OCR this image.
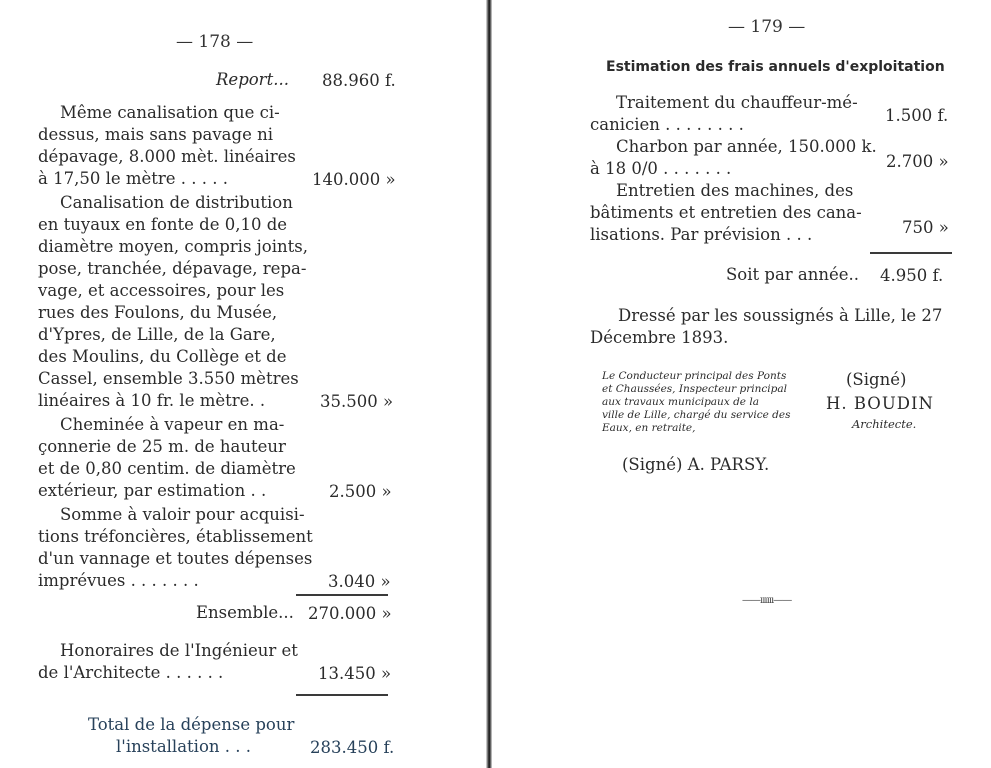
— 178 —
Report... 88.960 f.
Même canalisation que ci-
dessus, mais sans pavage ni
dépavage, 8.000 mèt. linéaires
à 17,50 le mètre . . . . .	140.000 »
Canalisation de distribution
en tuyaux en fonte de 0,10 de
diamètre moyen, compris joints,
pose, tranchée, dépavage, repa-
vage, et accessoires, pour les
rues des Foulons, du Musée,
d'Ypres, de Lille, de la Gare,
des Moulins, du Collège et de
Cassel, ensemble 3.550 mètres
linéaires à 10 fr. le mètre. .	35.500 »
Cheminée à vapeur en ma-
çonnerie de 25 m. de hauteur
et de 0,80 centim. de diamètre
extérieur, par estimation . .	2.500 »
Somme à valoir pour acquisi-
tions tréfoncières, établissement
d'un vannage et toutes dépenses
imprévues . . . . . . .	3.040 »
Ensemble... 270.000 »
Honoraires de l'Ingénieur et
de l'Architecte . . . . . .	13.450 »
Total de la dépense pour
l'installation . . .	283.450 f.
— 179 —
Estimation des frais annuels d'exploitation
Traitement du chauffeur-mé-
canicien . . . . . . . .	1.500 f.
Charbon par année, 150.000 k.
à 18 0/0 . . . . . . .	2.700 »
Entretien des machines, des
bâtiments et entretien des cana-
lisations. Par prévision . . .	750 »
Soit par année.. 4.950 f.
Dressé par les soussignés à Lille, le 27
Décembre 1893.
Le Conducteur principal des Ponts
et Chaussées, Inspecteur principal
aux travaux municipaux de la
ville de Lille, chargé du service des
Eaux, en retraite,
(Signé)
H. BOUDIN
Architecte.
(Signé) A. PARSY.
——ıııııı——
